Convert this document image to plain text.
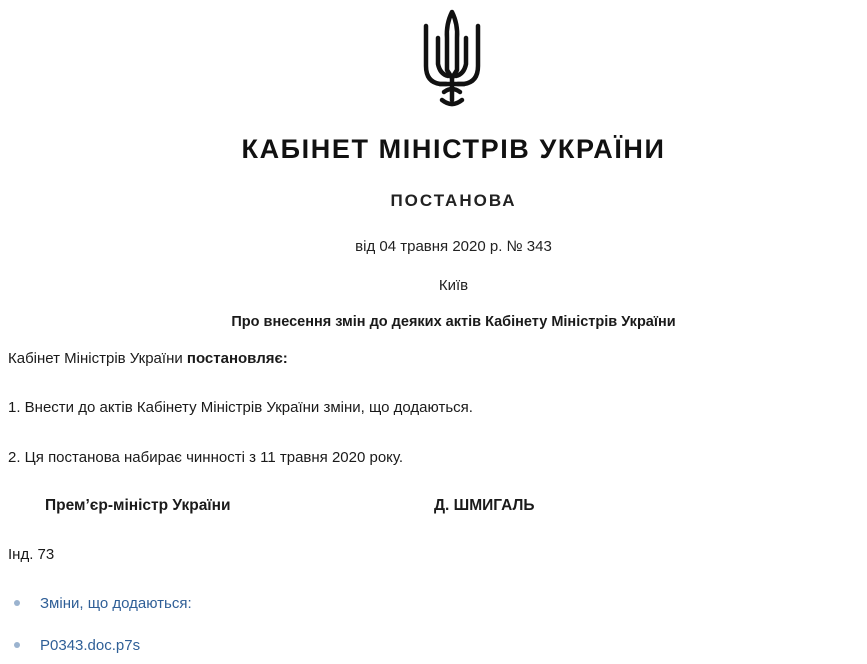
КАБІНЕТ МІНІСТРІВ УКРАЇНИ
ПОСТАНОВА
від 04 травня 2020 р. № 343
Київ
Про внесення змін до деяких актів Кабінету Міністрів України
Кабінет Міністрів України постановляє:
1. Внести до актів Кабінету Міністрів України зміни, що додаються.
2. Ця постанова набирає чинності з 11 травня 2020 року.
Прем’єр-міністр України	Д. ШМИГАЛЬ
Інд. 73
Зміни, що додаються:
P0343.doc.p7s
